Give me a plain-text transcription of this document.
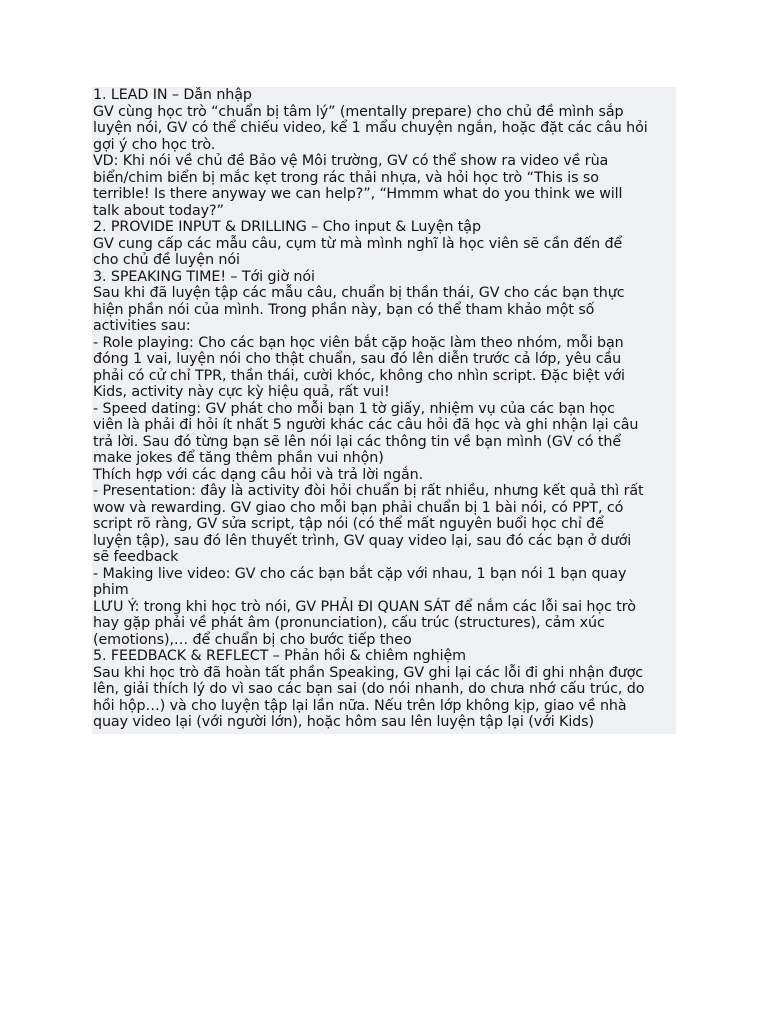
1. LEAD IN – Dẫn nhập

GV cùng học trò “chuẩn bị tâm lý” (mentally prepare) cho chủ đề mình sắp

luyện nói, GV có thể chiếu video, kể 1 mẩu chuyện ngắn, hoặc đặt các câu hỏi

gợi ý cho học trò.

VD: Khi nói về chủ đề Bảo vệ Môi trường, GV có thể show ra video về rùa

biển/chim biển bị mắc kẹt trong rác thải nhựa, và hỏi học trò “This is so

terrible! Is there anyway we can help?”, “Hmmm what do you think we will

talk about today?”

2. PROVIDE INPUT & DRILLING – Cho input & Luyện tập

GV cung cấp các mẫu câu, cụm từ mà mình nghĩ là học viên sẽ cần đến để

cho chủ đề luyện nói

3. SPEAKING TIME! – Tới giờ nói

Sau khi đã luyện tập các mẫu câu, chuẩn bị thần thái, GV cho các bạn thực

hiện phần nói của mình. Trong phần này, bạn có thể tham khảo một số

activities sau:

- Role playing: Cho các bạn học viên bắt cặp hoặc làm theo nhóm, mỗi bạn

đóng 1 vai, luyện nói cho thật chuẩn, sau đó lên diễn trước cả lớp, yêu cầu

phải có cử chỉ TPR, thần thái, cười khóc, không cho nhìn script. Đặc biệt với

Kids, activity này cực kỳ hiệu quả, rất vui!

- Speed dating: GV phát cho mỗi bạn 1 tờ giấy, nhiệm vụ của các bạn học

viên là phải đi hỏi ít nhất 5 người khác các câu hỏi đã học và ghi nhận lại câu

trả lời. Sau đó từng bạn sẽ lên nói lại các thông tin về bạn mình (GV có thể

make jokes để tăng thêm phần vui nhộn)

Thích hợp với các dạng câu hỏi và trả lời ngắn.

- Presentation: đây là activity đòi hỏi chuẩn bị rất nhiều, nhưng kết quả thì rất

wow và rewarding. GV giao cho mỗi bạn phải chuẩn bị 1 bài nói, có PPT, có

script rõ ràng, GV sửa script, tập nói (có thể mất nguyên buổi học chỉ để

luyện tập), sau đó lên thuyết trình, GV quay video lại, sau đó các bạn ở dưới

sẽ feedback

- Making live video: GV cho các bạn bắt cặp với nhau, 1 bạn nói 1 bạn quay

phim

LƯU Ý: trong khi học trò nói, GV PHẢI ĐI QUAN SÁT để nắm các lỗi sai học trò

hay gặp phải về phát âm (pronunciation), cấu trúc (structures), cảm xúc

(emotions),… để chuẩn bị cho bước tiếp theo

5. FEEDBACK & REFLECT – Phản hồi & chiêm nghiệm

Sau khi học trò đã hoàn tất phần Speaking, GV ghi lại các lỗi đi ghi nhận được

lên, giải thích lý do vì sao các bạn sai (do nói nhanh, do chưa nhớ cấu trúc, do

hồi hộp…) và cho luyện tập lại lần nữa. Nếu trên lớp không kịp, giao về nhà

quay video lại (với người lớn), hoặc hôm sau lên luyện tập lại (với Kids)
